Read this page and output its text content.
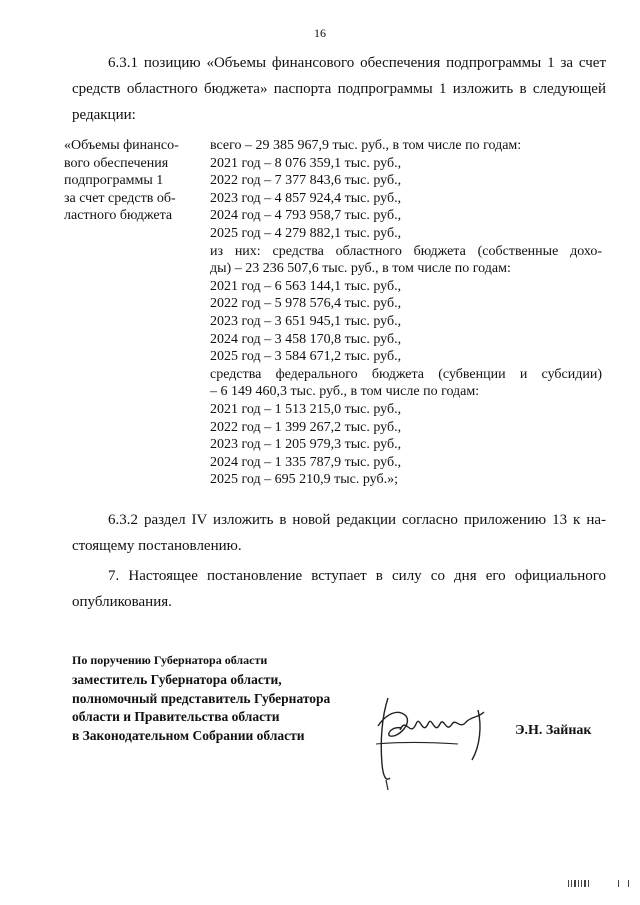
16
6.3.1 позицию «Объемы финансового обеспечения подпрограммы 1 за счет
средств областного бюджета» паспорта подпрограммы 1 изложить в следующей
редакции:
«Объемы финансо-
вого обеспечения
подпрограммы 1
за счет средств об-
ластного бюджета
всего – 29 385 967,9 тыс. руб., в том числе по годам:
2021 год – 8 076 359,1 тыс. руб.,
2022 год – 7 377 843,6 тыс. руб.,
2023 год – 4 857 924,4 тыс. руб.,
2024 год – 4 793 958,7 тыс. руб.,
2025 год – 4 279 882,1 тыс. руб.,
из них: средства областного бюджета (собственные дохо-
ды) – 23 236 507,6 тыс. руб., в том числе по годам:
2021 год – 6 563 144,1 тыс. руб.,
2022 год – 5 978 576,4 тыс. руб.,
2023 год – 3 651 945,1 тыс. руб.,
2024 год – 3 458 170,8 тыс. руб.,
2025 год – 3 584 671,2 тыс. руб.,
средства федерального бюджета (субвенции и субсидии)
– 6 149 460,3 тыс. руб., в том числе по годам:
2021 год – 1 513 215,0 тыс. руб.,
2022 год – 1 399 267,2 тыс. руб.,
2023 год – 1 205 979,3 тыс. руб.,
2024 год – 1 335 787,9 тыс. руб.,
2025 год – 695 210,9 тыс. руб.»;
6.3.2 раздел IV изложить в новой редакции согласно приложению 13 к на-
стоящему постановлению.
7. Настоящее постановление вступает в силу со дня его официального
опубликования.
По поручению Губернатора области
заместитель Губернатора области,
полномочный представитель Губернатора
области и Правительства области
в Законодательном Собрании области	Э.Н. Зайнак
